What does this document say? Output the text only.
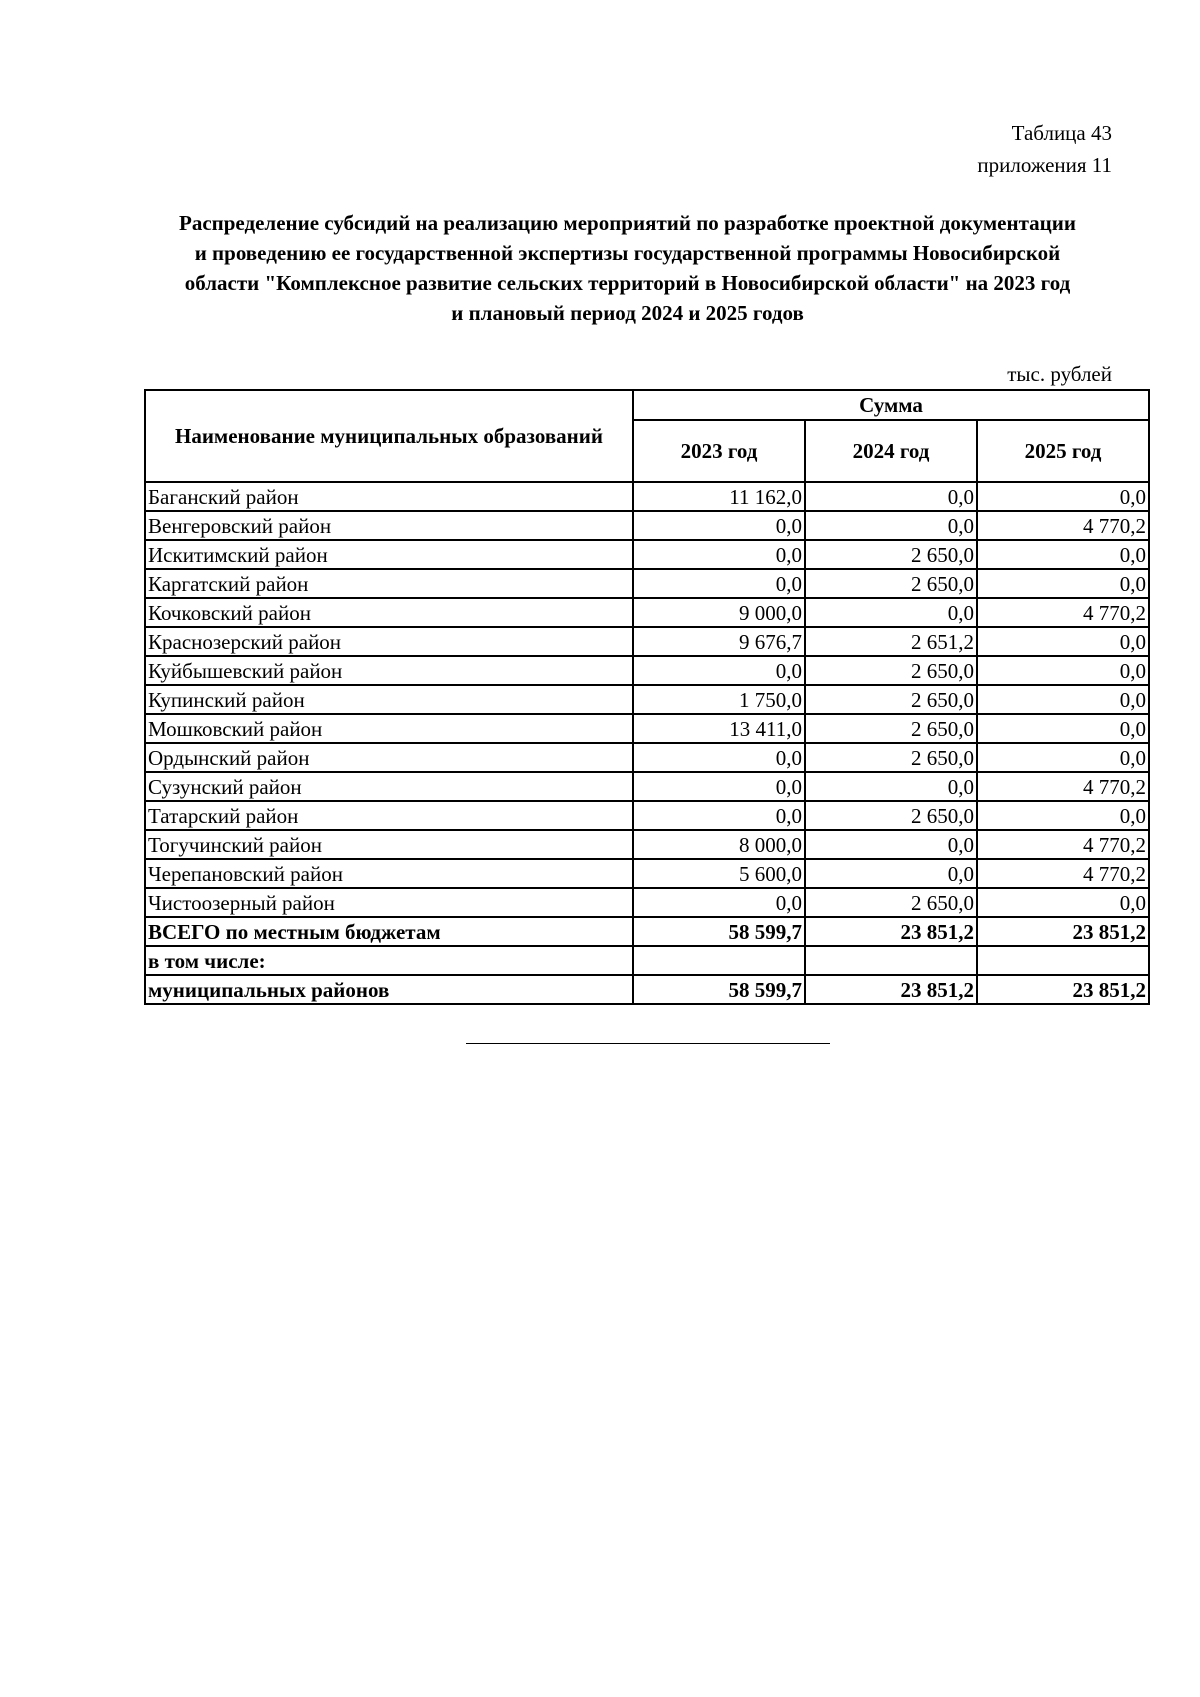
Таблица 43
приложения 11
Распределение субсидий на реализацию мероприятий по разработке проектной документации
и проведению ее государственной экспертизы государственной программы Новосибирской
области "Комплексное развитие сельских территорий в Новосибирской области" на 2023 год
и плановый период 2024 и 2025 годов
тыс. рублей
Наименование муниципальных образований	Сумма		
	2023 год	2024 год	2025 год
Баганский район	11 162,0	0,0	0,0
Венгеровский район	0,0	0,0	4 770,2
Искитимский район	0,0	2 650,0	0,0
Каргатский район	0,0	2 650,0	0,0
Кочковский район	9 000,0	0,0	4 770,2
Краснозерский район	9 676,7	2 651,2	0,0
Куйбышевский район	0,0	2 650,0	0,0
Купинский район	1 750,0	2 650,0	0,0
Мошковский район	13 411,0	2 650,0	0,0
Ордынский район	0,0	2 650,0	0,0
Сузунский район	0,0	0,0	4 770,2
Татарский район	0,0	2 650,0	0,0
Тогучинский район	8 000,0	0,0	4 770,2
Черепановский район	5 600,0	0,0	4 770,2
Чистоозерный район	0,0	2 650,0	0,0
ВСЕГО по местным бюджетам	58 599,7	23 851,2	23 851,2
в том числе:			
муниципальных районов	58 599,7	23 851,2	23 851,2
